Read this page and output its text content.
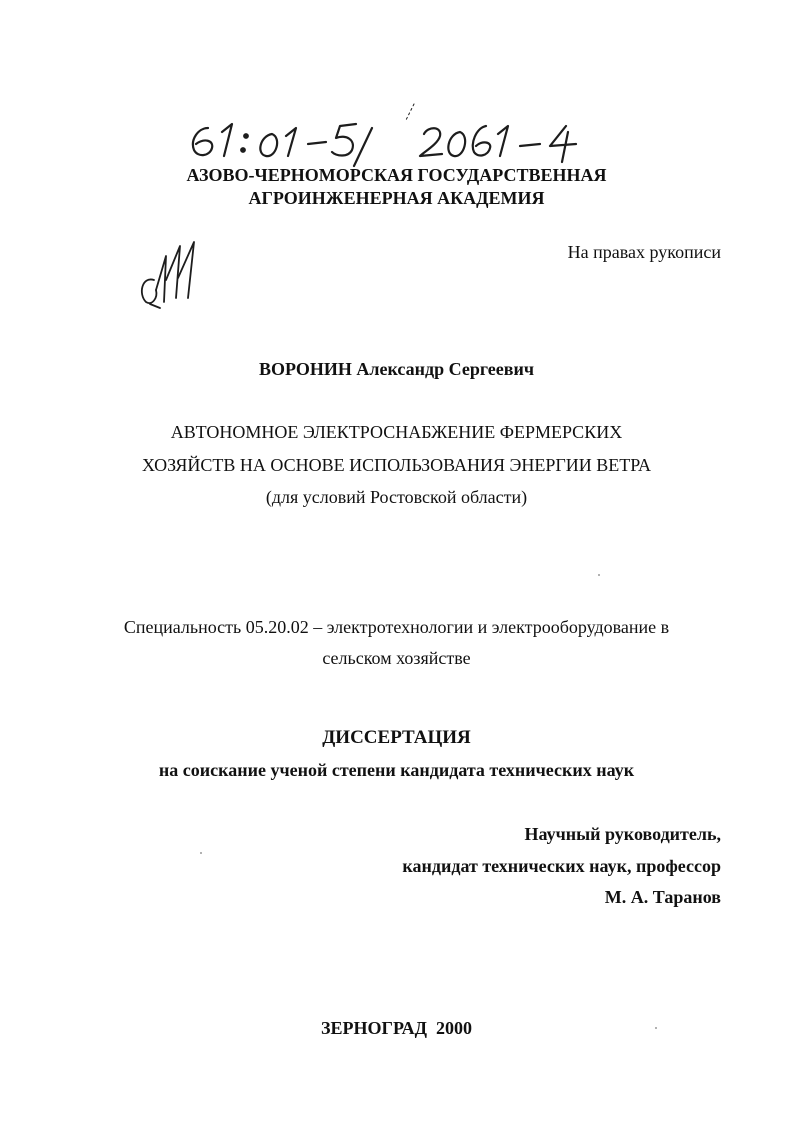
АЗОВО-ЧЕРНОМОРСКАЯ ГОСУДАРСТВЕННАЯ
АГРОИНЖЕНЕРНАЯ АКАДЕМИЯ
На правах рукописи
ВОРОНИН Александр Сергеевич
АВТОНОМНОЕ ЭЛЕКТРОСНАБЖЕНИЕ ФЕРМЕРСКИХ
ХОЗЯЙСТВ НА ОСНОВЕ ИСПОЛЬЗОВАНИЯ ЭНЕРГИИ ВЕТРА
(для условий Ростовской области)
Специальность 05.20.02 – электротехнологии и электрооборудование в
сельском хозяйстве
ДИССЕРТАЦИЯ
на соискание ученой степени кандидата технических наук
Научный руководитель,
кандидат технических наук, профессор
М. А. Таранов
ЗЕРНОГРАД  2000
